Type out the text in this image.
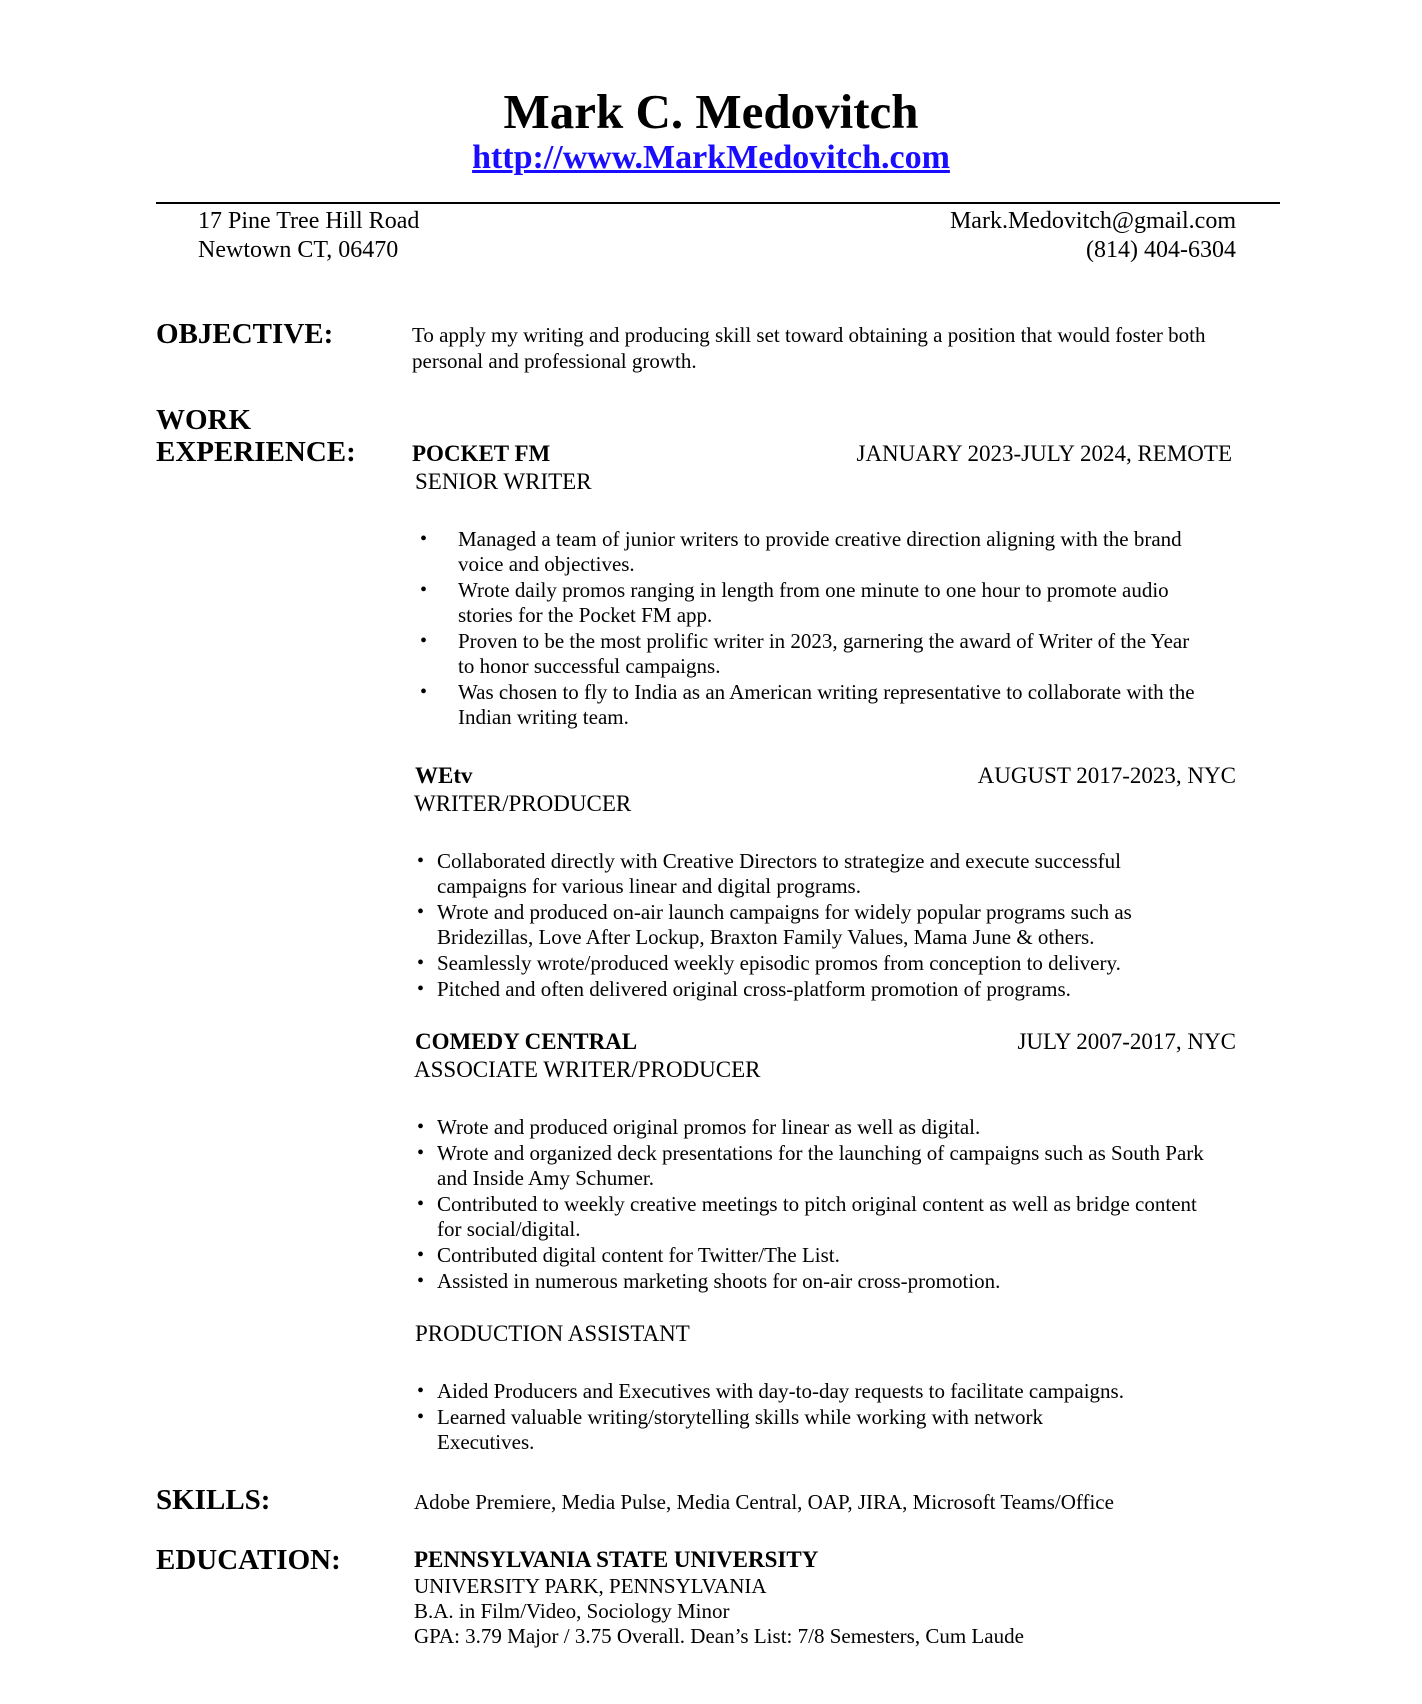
Mark C. Medovitch
http://www.MarkMedovitch.com
17 Pine Tree Hill Road
Newtown CT, 06470
Mark.Medovitch@gmail.com
(814) 404-6304
OBJECTIVE:	To apply my writing and producing skill set toward obtaining a position that would foster both
personal and professional growth.
WORK
EXPERIENCE: POCKET FM	JANUARY 2023-JULY 2024, REMOTE
SENIOR WRITER
• Managed a team of junior writers to provide creative direction aligning with the brand
voice and objectives.
• Wrote daily promos ranging in length from one minute to one hour to promote audio
stories for the Pocket FM app.
• Proven to be the most prolific writer in 2023, garnering the award of Writer of the Year
to honor successful campaigns.
• Was chosen to fly to India as an American writing representative to collaborate with the
Indian writing team.
WEtv	AUGUST 2017-2023, NYC
WRITER/PRODUCER
• Collaborated directly with Creative Directors to strategize and execute successful
campaigns for various linear and digital programs.
• Wrote and produced on-air launch campaigns for widely popular programs such as
Bridezillas, Love After Lockup, Braxton Family Values, Mama June & others.
• Seamlessly wrote/produced weekly episodic promos from conception to delivery.
• Pitched and often delivered original cross-platform promotion of programs.
COMEDY CENTRAL	JULY 2007-2017, NYC
ASSOCIATE WRITER/PRODUCER
• Wrote and produced original promos for linear as well as digital.
• Wrote and organized deck presentations for the launching of campaigns such as South Park
and Inside Amy Schumer.
• Contributed to weekly creative meetings to pitch original content as well as bridge content
for social/digital.
• Contributed digital content for Twitter/The List.
• Assisted in numerous marketing shoots for on-air cross-promotion.
PRODUCTION ASSISTANT
• Aided Producers and Executives with day-to-day requests to facilitate campaigns.
• Learned valuable writing/storytelling skills while working with network
Executives.
SKILLS:	Adobe Premiere, Media Pulse, Media Central, OAP, JIRA, Microsoft Teams/Office
EDUCATION:	PENNSYLVANIA STATE UNIVERSITY
UNIVERSITY PARK, PENNSYLVANIA
B.A. in Film/Video, Sociology Minor
GPA: 3.79 Major / 3.75 Overall. Dean’s List: 7/8 Semesters, Cum Laude
